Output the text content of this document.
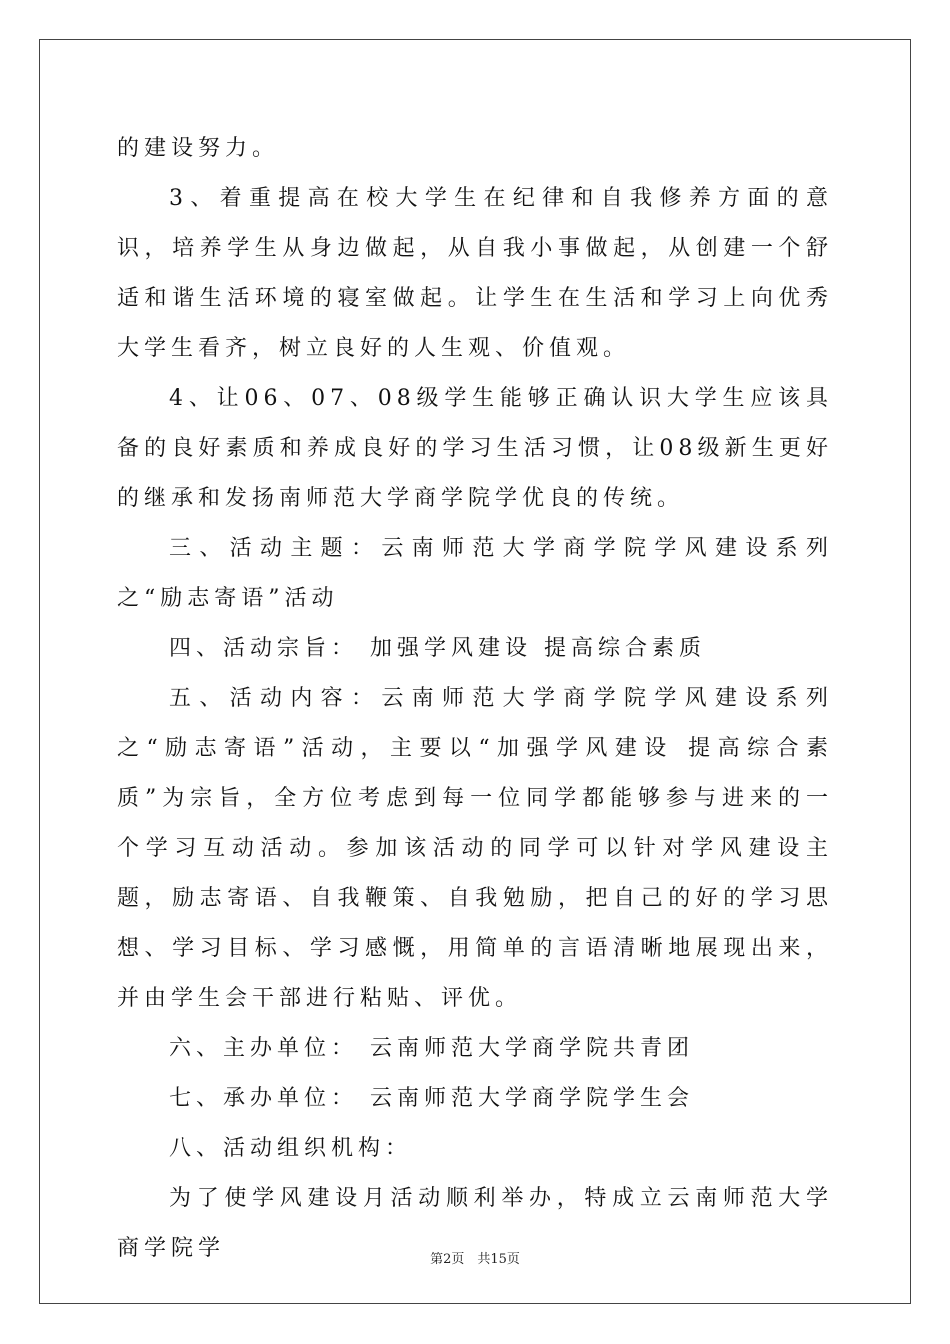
的建设努力。

3、着重提高在校大学生在纪律和自我修养方面的意识，培养学生从身边做起，从自我小事做起，从创建一个舒适和谐生活环境的寝室做起。让学生在生活和学习上向优秀大学生看齐，树立良好的人生观、价值观。

4、让06、07、08级学生能够正确认识大学生应该具备的良好素质和养成良好的学习生活习惯，让08级新生更好的继承和发扬南师范大学商学院学优良的传统。

三、活动主题：云南师范大学商学院学风建设系列之“励志寄语”活动

四、活动宗旨： 加强学风建设 提高综合素质

五、活动内容：云南师范大学商学院学风建设系列之“励志寄语”活动，主要以“加强学风建设 提高综合素质”为宗旨，全方位考虑到每一位同学都能够参与进来的一个学习互动活动。参加该活动的同学可以针对学风建设主题，励志寄语、自我鞭策、自我勉励，把自己的好的学习思想、学习目标、学习感慨，用简单的言语清晰地展现出来，并由学生会干部进行粘贴、评优。

六、主办单位： 云南师范大学商学院共青团

七、承办单位： 云南师范大学商学院学生会

八、活动组织机构：

为了使学风建设月活动顺利举办，特成立云南师范大学商学院学	第2页　共15页
